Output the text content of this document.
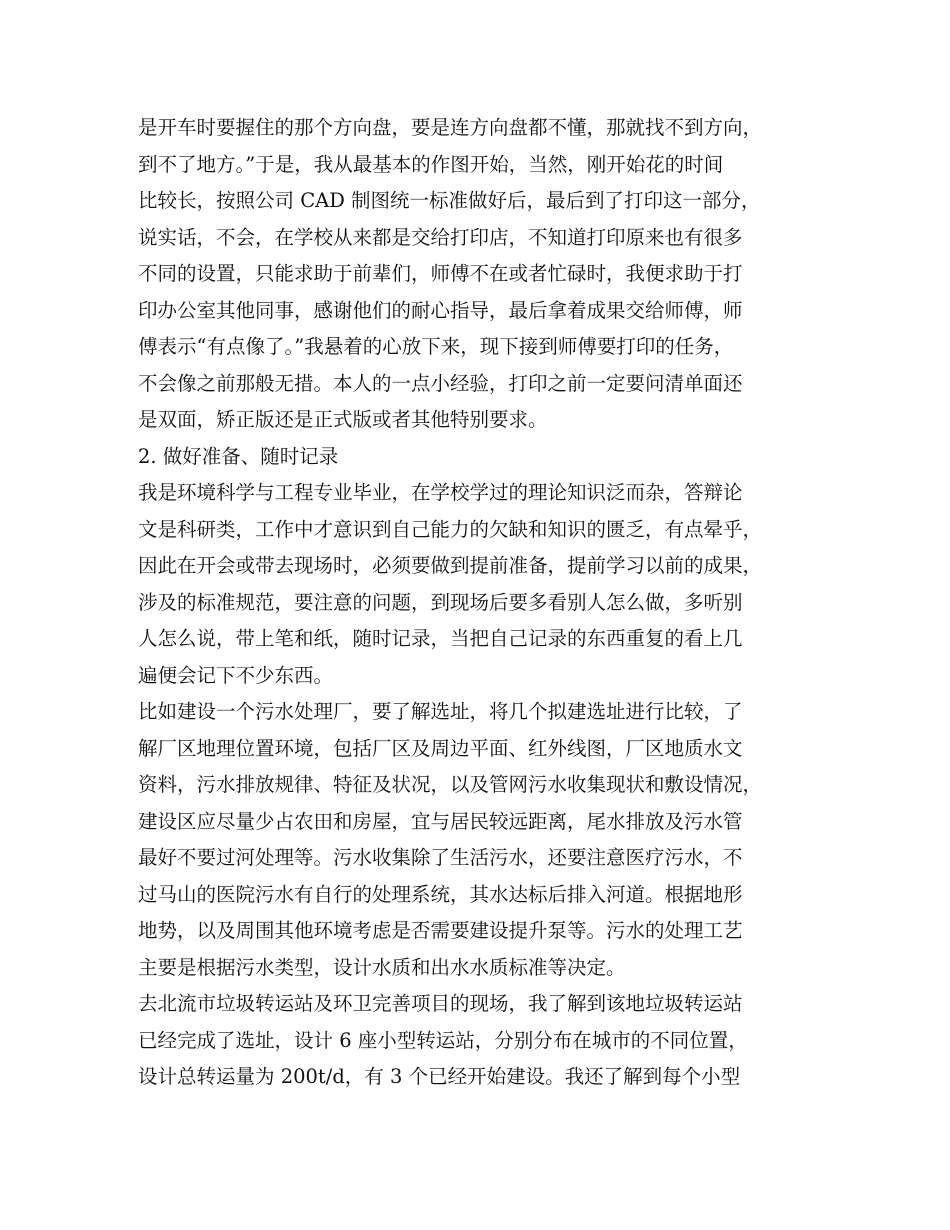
是开车时要握住的那个方向盘，要是连方向盘都不懂，那就找不到方向，
到不了地方。”于是，我从最基本的作图开始，当然，刚开始花的时间
比较长，按照公司 CAD 制图统一标准做好后，最后到了打印这一部分，
说实话，不会，在学校从来都是交给打印店，不知道打印原来也有很多
不同的设置，只能求助于前辈们，师傅不在或者忙碌时，我便求助于打
印办公室其他同事，感谢他们的耐心指导，最后拿着成果交给师傅，师
傅表示“有点像了。”我悬着的心放下来，现下接到师傅要打印的任务，
不会像之前那般无措。本人的一点小经验，打印之前一定要问清单面还
是双面，矫正版还是正式版或者其他特别要求。
2. 做好准备、随时记录
我是环境科学与工程专业毕业，在学校学过的理论知识泛而杂，答辩论
文是科研类，工作中才意识到自己能力的欠缺和知识的匮乏，有点晕乎，
因此在开会或带去现场时，必须要做到提前准备，提前学习以前的成果，
涉及的标准规范，要注意的问题，到现场后要多看别人怎么做，多听别
人怎么说，带上笔和纸，随时记录，当把自己记录的东西重复的看上几
遍便会记下不少东西。
比如建设一个污水处理厂，要了解选址，将几个拟建选址进行比较，了
解厂区地理位置环境，包括厂区及周边平面、红外线图，厂区地质水文
资料，污水排放规律、特征及状况，以及管网污水收集现状和敷设情况，
建设区应尽量少占农田和房屋，宜与居民较远距离，尾水排放及污水管
最好不要过河处理等。污水收集除了生活污水，还要注意医疗污水，不
过马山的医院污水有自行的处理系统，其水达标后排入河道。根据地形
地势，以及周围其他环境考虑是否需要建设提升泵等。污水的处理工艺
主要是根据污水类型，设计水质和出水水质标准等决定。
去北流市垃圾转运站及环卫完善项目的现场，我了解到该地垃圾转运站
已经完成了选址，设计 6 座小型转运站，分别分布在城市的不同位置，
设计总转运量为 200t/d，有 3 个已经开始建设。我还了解到每个小型
